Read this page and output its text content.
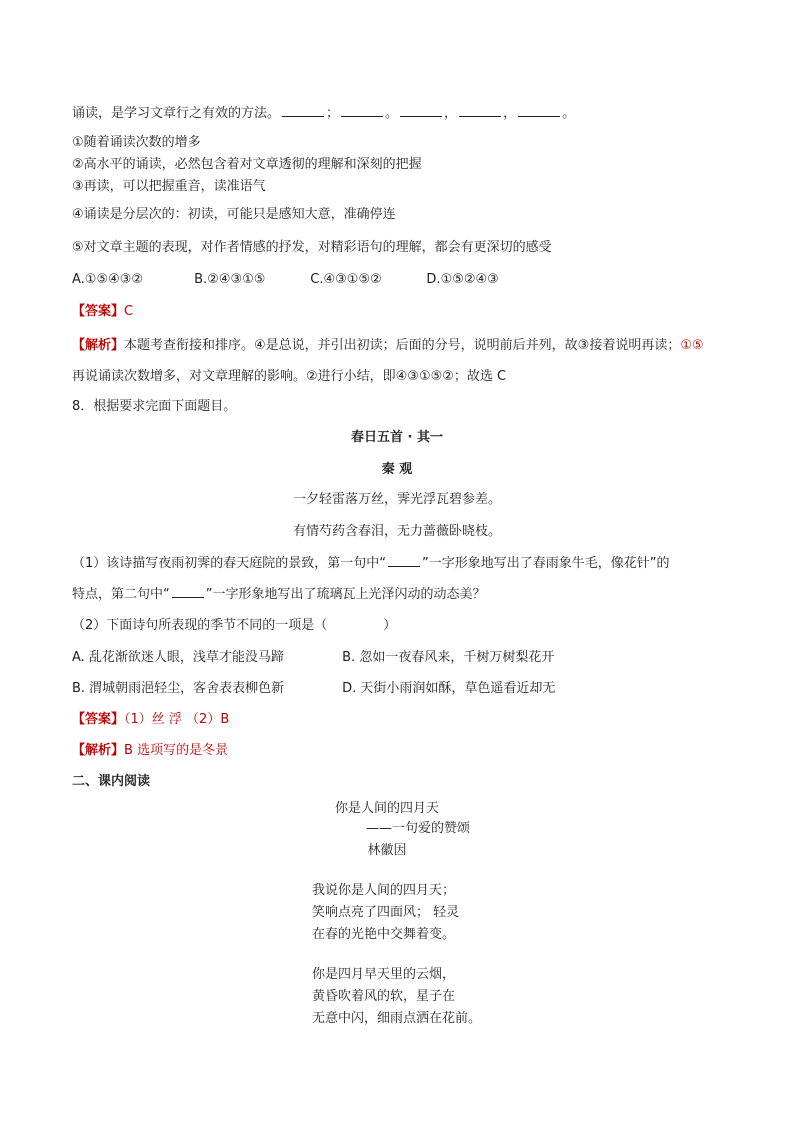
诵读，是学习文章行之有效的方法。	；	。	，	，	。
①随着诵读次数的增多
②高水平的诵读，必然包含着对文章透彻的理解和深刻的把握
③再读，可以把握重音，读准语气
④诵读是分层次的：初读，可能只是感知大意，准确停连
⑤对文章主题的表现，对作者情感的抒发，对精彩语句的理解，都会有更深切的感受
A.①⑤④③②	B.②④③①⑤	C.④③①⑤②	D.①⑤②④③
【答案】C
【解析】本题考查衔接和排序。④是总说，并引出初读；后面的分号，说明前后并列，故③接着说明再读；①⑤
再说诵读次数增多，对文章理解的影响。②进行小结，即④③①⑤②；故选 C
8．根据要求完面下面题目。
春日五首 · 其一
秦 观
一夕轻雷落万丝，霁光浮瓦碧参差。
有情芍药含春泪，无力蔷薇卧晓枝。
（1）该诗描写夜雨初霁的春天庭院的景致，第一句中“	”一字形象地写出了春雨象牛毛，像花针”的
特点，第二句中“	”一字形象地写出了琉璃瓦上光泽闪动的动态美？
（2）下面诗句所表现的季节不同的一项是（	）
A. 乱花渐欲迷人眼，浅草才能没马蹄	B. 忽如一夜春风来，千树万树梨花开
B. 渭城朝雨浥轻尘，客舍表表柳色新	D. 天街小雨润如酥，草色遥看近却无
【答案】（1）丝 浮 （2）B
【解析】B 选项写的是冬景
二、课内阅读
你是人间的四月天
——一句爱的赞颂
林徽因
我说你是人间的四月天；
笑响点亮了四面风； 轻灵
在春的光艳中交舞着变。
你是四月早天里的云烟，
黄昏吹着风的软，星子在
无意中闪，细雨点洒在花前。
